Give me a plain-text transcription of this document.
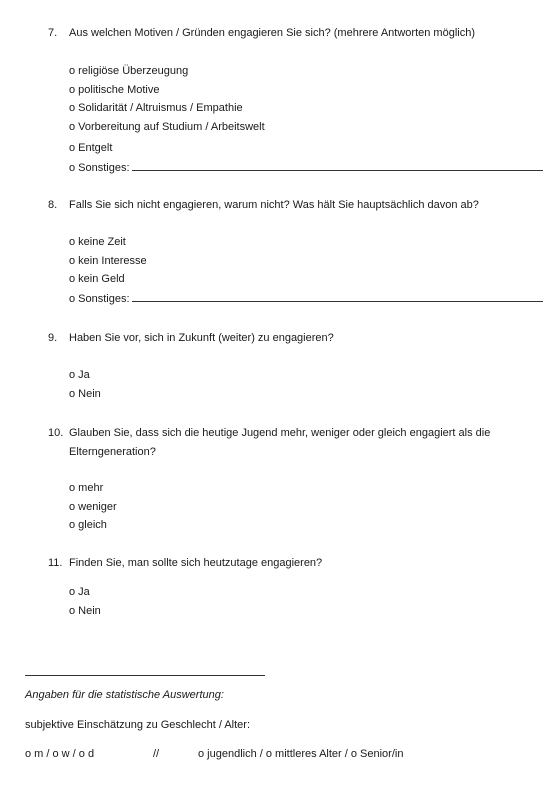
7. Aus welchen Motiven / Gründen engagieren Sie sich? (mehrere Antworten möglich)
o religiöse Überzeugung
o politische Motive
o Solidarität / Altruismus / Empathie
o Vorbereitung auf Studium / Arbeitswelt
o Entgelt
o Sonstiges:
8. Falls Sie sich nicht engagieren, warum nicht? Was hält Sie hauptsächlich davon ab?
o keine Zeit
o kein Interesse
o kein Geld
o Sonstiges:
9. Haben Sie vor, sich in Zukunft (weiter) zu engagieren?
o Ja
o Nein
10. Glauben Sie, dass sich die heutige Jugend mehr, weniger oder gleich engagiert als die
Elterngeneration?
o mehr
o weniger
o gleich
11. Finden Sie, man sollte sich heutzutage engagieren?
o Ja
o Nein
Angaben für die statistische Auswertung:
subjektive Einschätzung zu Geschlecht / Alter:
o m / o w / o d	//	o jugendlich / o mittleres Alter / o Senior/in
